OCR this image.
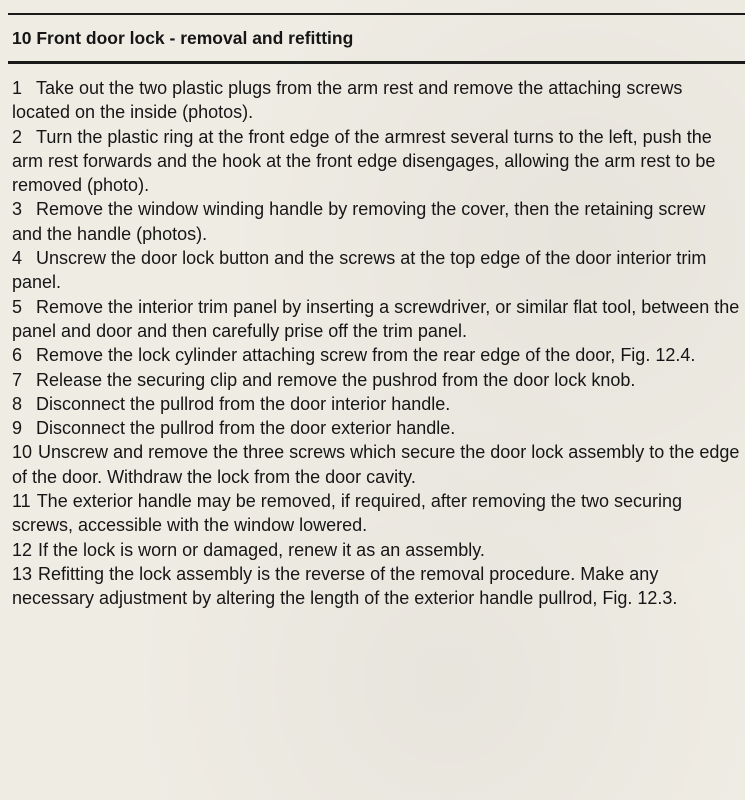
10 Front door lock - removal and refitting
1 Take out the two plastic plugs from the arm rest and remove the attaching screws located on the inside (photos).
2 Turn the plastic ring at the front edge of the armrest several turns to the left, push the arm rest forwards and the hook at the front edge disengages, allowing the arm rest to be removed (photo).
3 Remove the window winding handle by removing the cover, then the retaining screw and the handle (photos).
4 Unscrew the door lock button and the screws at the top edge of the door interior trim panel.
5 Remove the interior trim panel by inserting a screwdriver, or similar flat tool, between the panel and door and then carefully prise off the trim panel.
6 Remove the lock cylinder attaching screw from the rear edge of the door, Fig. 12.4.
7 Release the securing clip and remove the pushrod from the door lock knob.
8 Disconnect the pullrod from the door interior handle.
9 Disconnect the pullrod from the door exterior handle.
10 Unscrew and remove the three screws which secure the door lock assembly to the edge of the door. Withdraw the lock from the door cavity.
11 The exterior handle may be removed, if required, after removing the two securing screws, accessible with the window lowered.
12 If the lock is worn or damaged, renew it as an assembly.
13 Refitting the lock assembly is the reverse of the removal procedure. Make any necessary adjustment by altering the length of the exterior handle pullrod, Fig. 12.3.
